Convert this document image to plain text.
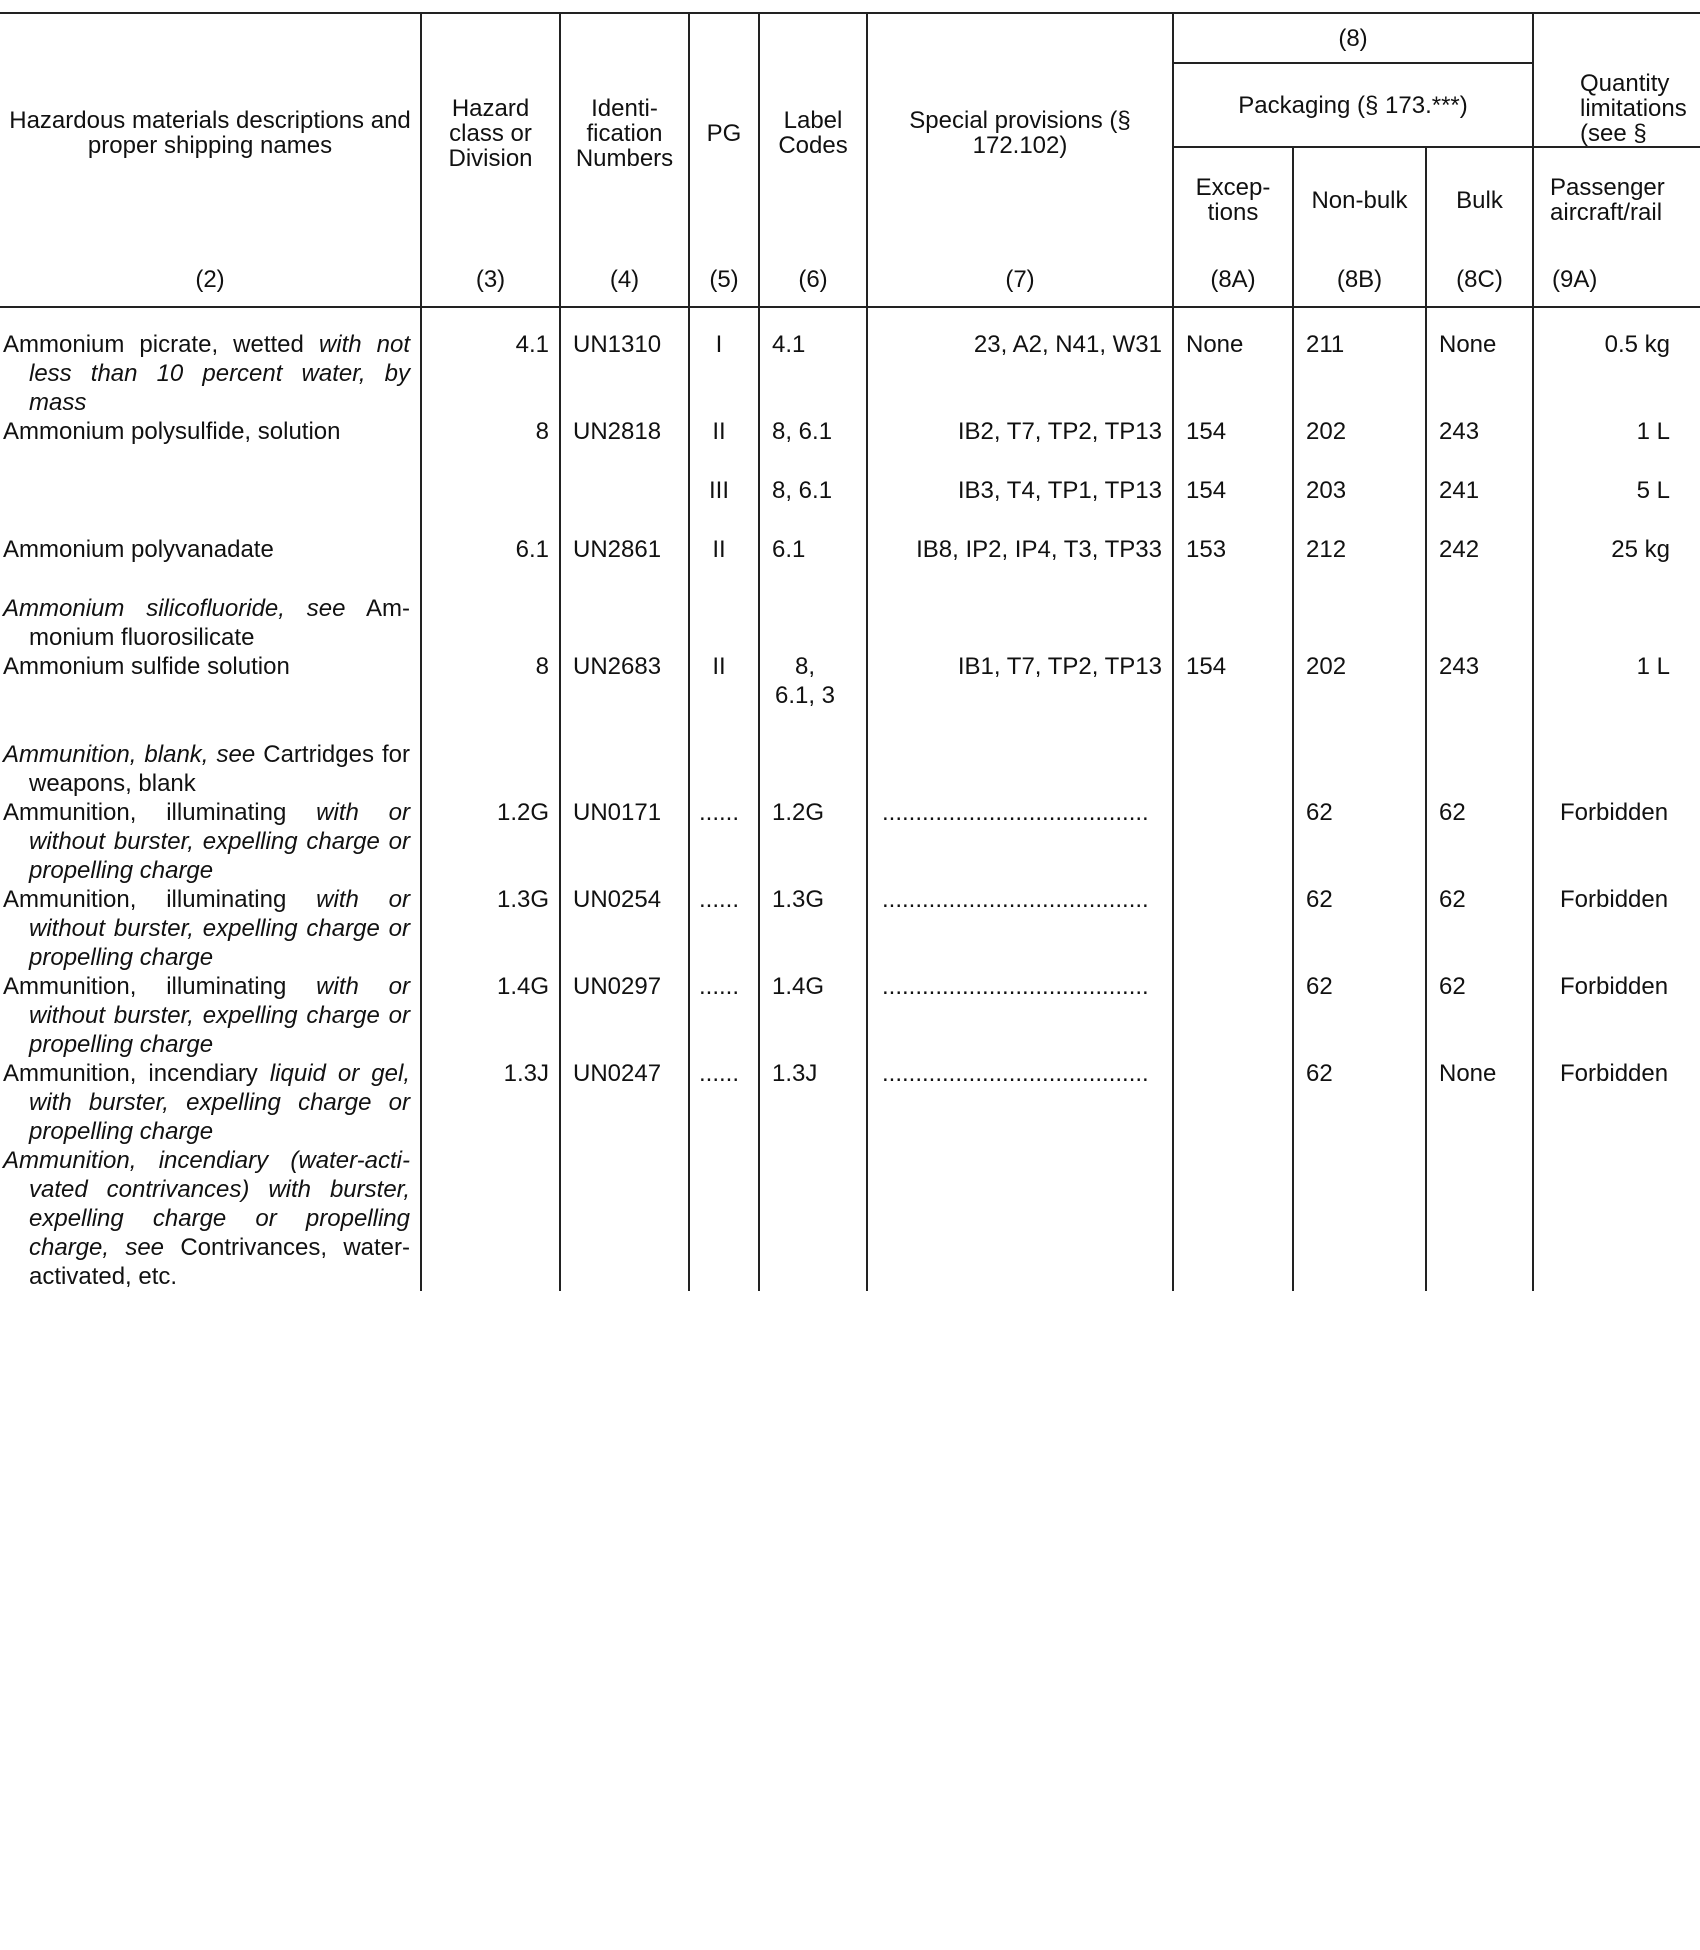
Hazardous materials descriptions and proper shipping names	Hazard class or Division	Identi- fication Numbers	PG	Label Codes	Special provisions (§ 172.102)	(8)			
						Packaging (§ 173.***)			Quantity limitations (see §
						Excep- tions	Non-bulk	Bulk	Passenger aircraft/rail
(2)	(3)	(4)	(5)	(6)	(7)	(8A)	(8B)	(8C)	(9A)

Ammonium picrate, wetted with not less than 10 percent water, by mass	4.1	UN1310	I	4.1	23, A2, N41, W31	None	211	None	0.5 kg

Ammonium polysulfide, solution	8	UN2818	II	8, 6.1	IB2, T7, TP2, TP13	154	202	243	1 L

			III	8, 6.1	IB3, T4, TP1, TP13	154	203	241	5 L

Ammonium polyvanadate	6.1	UN2861	II	6.1	IB8, IP2, IP4, T3, TP33	153	212	242	25 kg

Ammonium silicofluoride, see Am- monium fluorosilicate									

Ammonium sulfide solution	8	UN2683	II	8, 6.1, 3	IB1, T7, TP2, TP13	154	202	243	1 L

Ammunition, blank, see Cartridges for weapons, blank									

Ammunition, illuminating with or without burster, expelling charge or propelling charge	1.2G	UN0171	......	1.2G	........................................		62	62	Forbidden

Ammunition, illuminating with or without burster, expelling charge or propelling charge	1.3G	UN0254	......	1.3G	........................................		62	62	Forbidden

Ammunition, illuminating with or without burster, expelling charge or propelling charge	1.4G	UN0297	......	1.4G	........................................		62	62	Forbidden

Ammunition, incendiary liquid or gel, with burster, expelling charge or propelling charge	1.3J	UN0247	......	1.3J	........................................		62	None	Forbidden

Ammunition, incendiary (water-acti- vated contrivances) with burster, expelling charge or propelling charge, see Contrivances, water- activated, etc.									
